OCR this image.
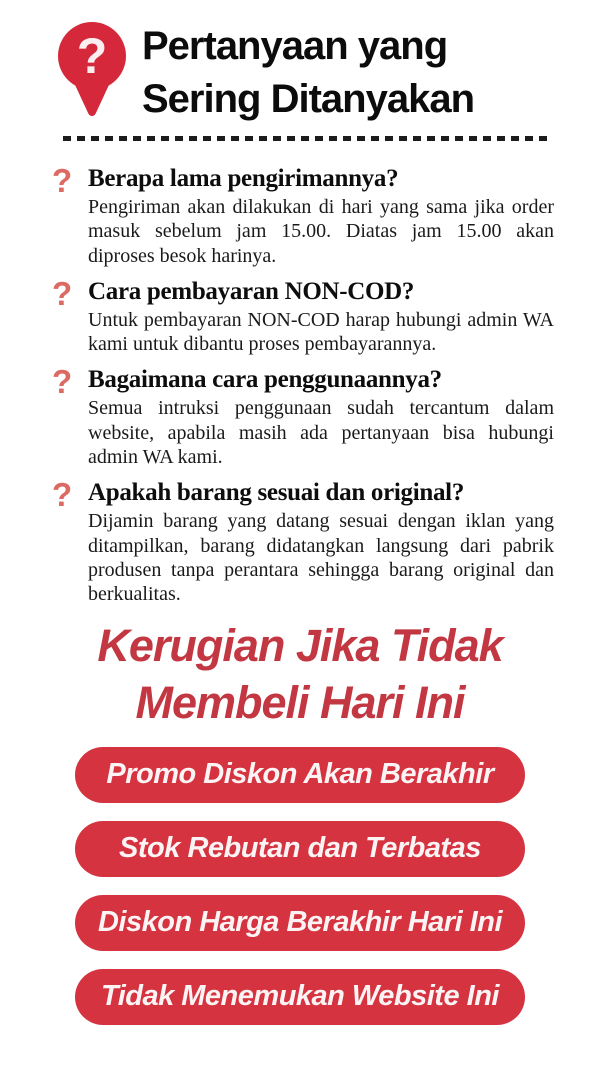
? Pertanyaan yang
Sering Ditanyakan
? Berapa lama pengirimannya?

Pengiriman akan dilakukan di hari yang sama jika order masuk sebelum jam 15.00. Diatas jam 15.00 akan diproses besok harinya.

? Cara pembayaran NON-COD?

Untuk pembayaran NON-COD harap hubungi admin WA kami untuk dibantu proses pembayarannya.

? Bagaimana cara penggunaannya?

Semua intruksi penggunaan sudah tercantum dalam website, apabila masih ada pertanyaan bisa hubungi admin WA kami.

? Apakah barang sesuai dan original?

Dijamin barang yang datang sesuai dengan iklan yang ditampilkan, barang didatangkan langsung dari pabrik produsen tanpa perantara sehingga barang original dan berkualitas.

Kerugian Jika Tidak
Membeli Hari Ini
Promo Diskon Akan Berakhir
Stok Rebutan dan Terbatas
Diskon Harga Berakhir Hari Ini
Tidak Menemukan Website Ini
